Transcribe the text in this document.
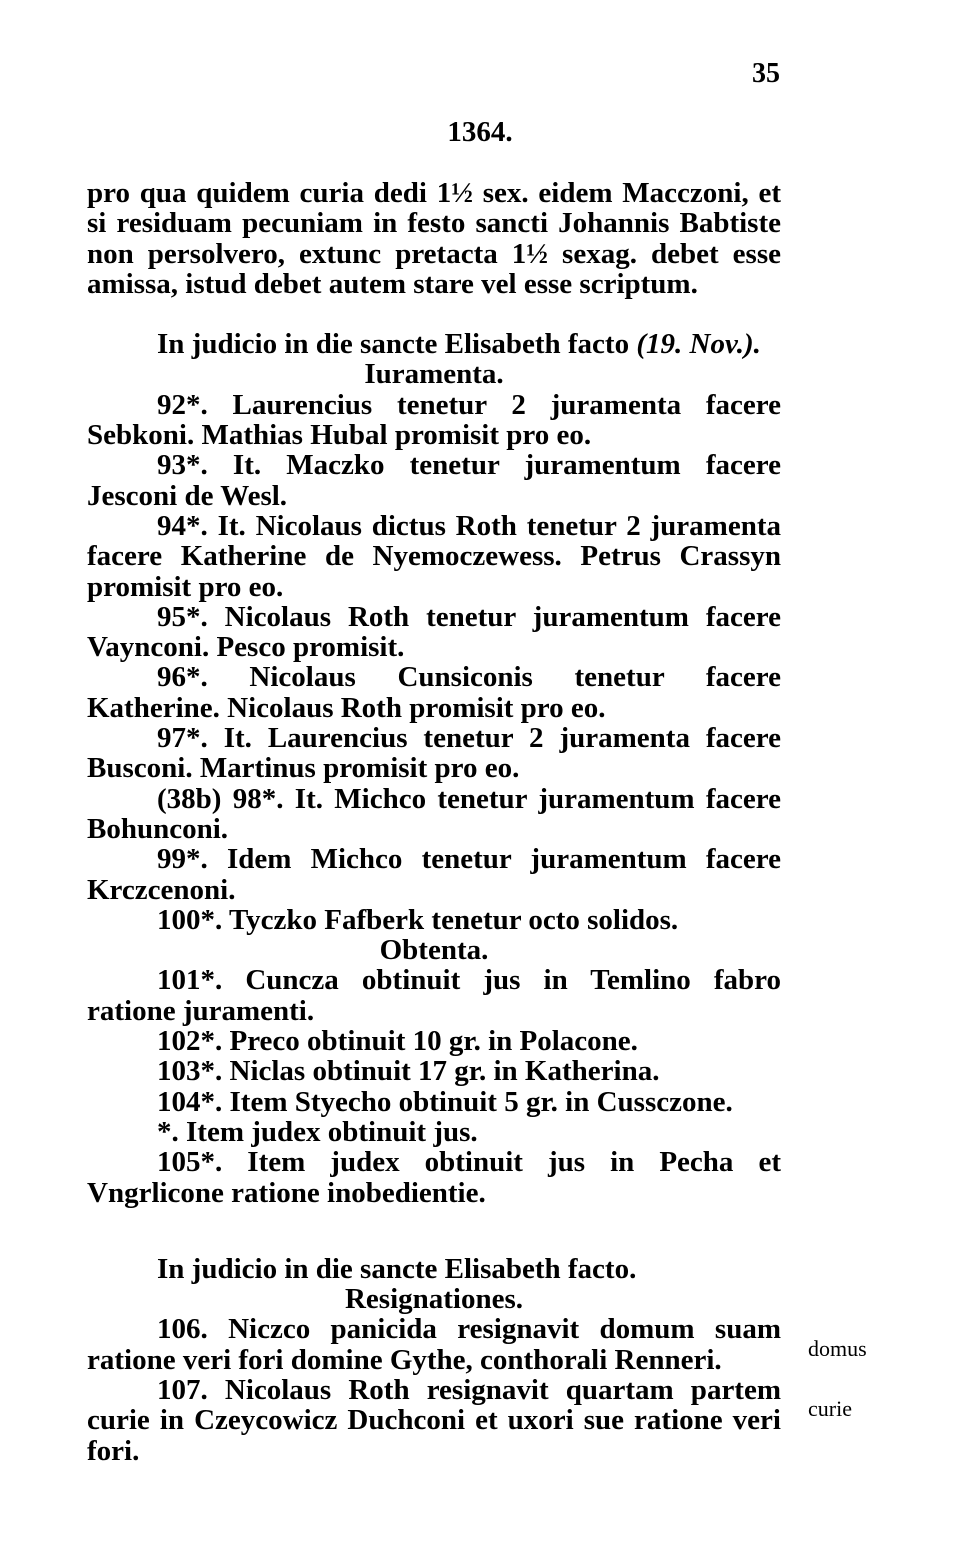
35
1364.

pro qua quidem curia dedi 1½ sex. eidem Macczoni, et si residuam pecuniam in festo sancti Johannis Babtiste non persolvero, extunc pretacta 1½ sexag. debet esse amissa, istud debet autem stare vel esse scriptum.

In judicio in die sancte Elisabeth facto (19. Nov.).

Iuramenta.

92*. Laurencius tenetur 2 juramenta facere Sebkoni. Mathias Hubal promisit pro eo.

93*. It. Maczko tenetur juramentum facere Jesconi de Wesl.

94*. It. Nicolaus dictus Roth tenetur 2 juramenta facere Katherine de Nyemoczewess. Petrus Crassyn promisit pro eo.

95*. Nicolaus Roth tenetur juramentum facere Vaynconi. Pesco promisit.

96*. Nicolaus Cunsiconis tenetur facere Katherine. Nicolaus Roth promisit pro eo.

97*. It. Laurencius tenetur 2 juramenta facere Busconi. Martinus promisit pro eo.

(38b) 98*. It. Michco tenetur juramentum facere Bohunconi.

99*. Idem Michco tenetur juramentum facere Krczcenoni.

100*. Tyczko Fafberk tenetur octo solidos.

Obtenta.

101*. Cuncza obtinuit jus in Temlino fabro ratione juramenti.

102*. Preco obtinuit 10 gr. in Polacone.

103*. Niclas obtinuit 17 gr. in Katherina.

104*. Item Styecho obtinuit 5 gr. in Cussczone.

*. Item judex obtinuit jus.

105*. Item judex obtinuit jus in Pecha et Vngrlicone ratione inobedientie.

In judicio in die sancte Elisabeth facto.

Resignationes.

106. Niczco panicida resignavit domum suam ratione veri fori domine Gythe, conthorali Renneri.

107. Nicolaus Roth resignavit quartam partem curie in Czeycowicz Duchconi et uxori sue ratione veri fori.

domus
curie
